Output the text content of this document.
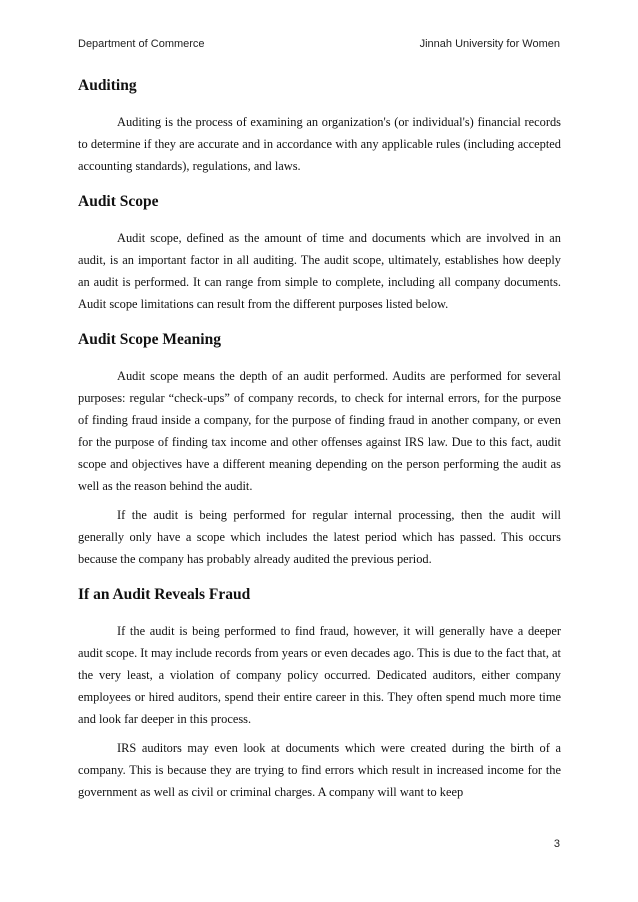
Department of Commerce	Jinnah University for Women
Auditing

Auditing is the process of examining an organization's (or individual's) financial records to determine if they are accurate and in accordance with any applicable rules (including accepted accounting standards), regulations, and laws.

Audit Scope

Audit scope, defined as the amount of time and documents which are involved in an audit, is an important factor in all auditing. The audit scope, ultimately, establishes how deeply an audit is performed. It can range from simple to complete, including all company documents. Audit scope limitations can result from the different purposes listed below.

Audit Scope Meaning

Audit scope means the depth of an audit performed. Audits are performed for several purposes: regular “check-ups” of company records, to check for internal errors, for the purpose of finding fraud inside a company, for the purpose of finding fraud in another company, or even for the purpose of finding tax income and other offenses against IRS law. Due to this fact, audit scope and objectives have a different meaning depending on the person performing the audit as well as the reason behind the audit.

If the audit is being performed for regular internal processing, then the audit will generally only have a scope which includes the latest period which has passed. This occurs because the company has probably already audited the previous period.

If an Audit Reveals Fraud

If the audit is being performed to find fraud, however, it will generally have a deeper audit scope. It may include records from years or even decades ago. This is due to the fact that, at the very least, a violation of company policy occurred. Dedicated auditors, either company employees or hired auditors, spend their entire career in this. They often spend much more time and look far deeper in this process.

IRS auditors may even look at documents which were created during the birth of a company. This is because they are trying to find errors which result in increased income for the government as well as civil or criminal charges. A company will want to keep

3
